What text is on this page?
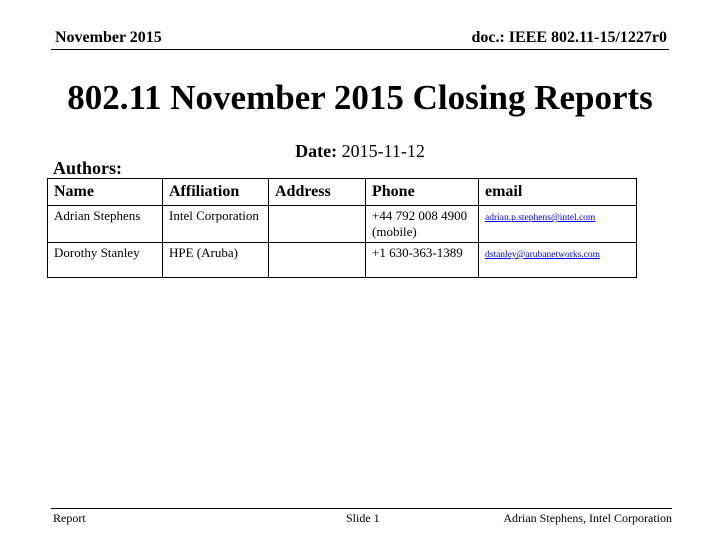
November 2015	doc.: IEEE 802.11-15/1227r0
802.11 November 2015 Closing Reports
Date: 2015-11-12
Authors:
Name	Affiliation	Address	Phone	email
Adrian Stephens	Intel Corporation		+44 792 008 4900 (mobile)	adrian.p.stephens@intel.com
Dorothy Stanley	HPE (Aruba)		+1 630-363-1389	dstanley@arubanetworks.com
Report	Slide 1	Adrian Stephens, Intel Corporation
